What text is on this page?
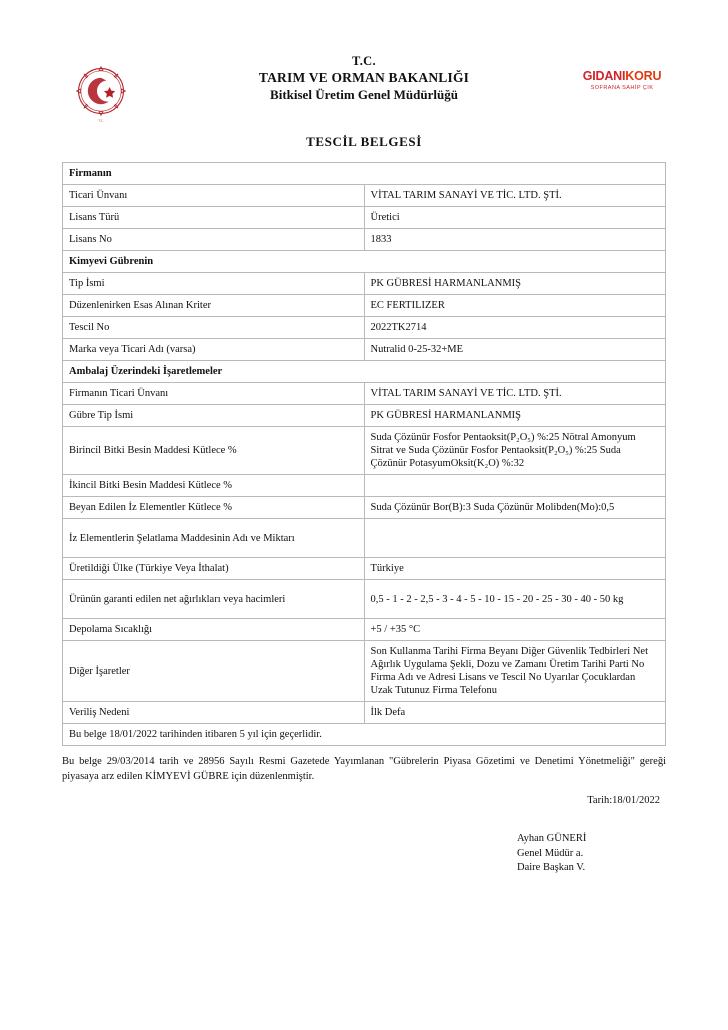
T.C.
T.C.
TARIM VE ORMAN BAKANLIĞI
Bitkisel Üretim Genel Müdürlüğü
GIDANIKORU
SOFRANA SAHİP ÇIK
TESCİL BELGESİ
Firmanın	
Ticari Ünvanı	VİTAL TARIM SANAYİ VE TİC. LTD. ŞTİ.
Lisans Türü	Üretici
Lisans No	1833
Kimyevi Gübrenin	
Tip İsmi	PK GÜBRESİ HARMANLANMIŞ
Düzenlenirken Esas Alınan Kriter	EC FERTILIZER
Tescil No	2022TK2714
Marka veya Ticari Adı (varsa)	Nutralid 0-25-32+ME
Ambalaj Üzerindeki İşaretlemeler	
Firmanın Ticari Ünvanı	VİTAL TARIM SANAYİ VE TİC. LTD. ŞTİ.
Gübre Tip İsmi	PK GÜBRESİ HARMANLANMIŞ
Birincil Bitki Besin Maddesi Kütlece %	Suda Çözünür Fosfor Pentaoksit(P₂O₅) %:25 Nötral Amonyum Sitrat ve Suda Çözünür Fosfor Pentaoksit(P₂O₅) %:25 Suda Çözünür PotasyumOksit(K₂O) %:32
İkincil Bitki Besin Maddesi Kütlece %	
Beyan Edilen İz Elementler Kütlece %	Suda Çözünür Bor(B):3 Suda Çözünür Molibden(Mo):0,5
İz Elementlerin Şelatlama Maddesinin Adı ve Miktarı	
Üretildiği Ülke (Türkiye Veya İthalat)	Türkiye
Ürünün garanti edilen net ağırlıkları veya hacimleri	0,5 - 1 - 2 - 2,5 - 3 - 4 - 5 - 10 - 15 - 20 - 25 - 30 - 40 - 50 kg
Depolama Sıcaklığı	+5 / +35 °C
Diğer İşaretler	Son Kullanma Tarihi Firma Beyanı Diğer Güvenlik Tedbirleri Net Ağırlık Uygulama Şekli, Dozu ve Zamanı Üretim Tarihi Parti No Firma Adı ve Adresi Lisans ve Tescil No Uyarılar Çocuklardan Uzak Tutunuz Firma Telefonu
Veriliş Nedeni	İlk Defa
Bu belge 18/01/2022 tarihinden itibaren 5 yıl için geçerlidir.	
Bu belge 29/03/2014 tarih ve 28956 Sayılı Resmi Gazetede Yayımlanan "Gübrelerin Piyasa Gözetimi ve Denetimi Yönetmeliği" gereği piyasaya arz edilen KİMYEVİ GÜBRE için düzenlenmiştir.
Tarih:18/01/2022
Ayhan GÜNERİ
Genel Müdür a.
Daire Başkan V.
